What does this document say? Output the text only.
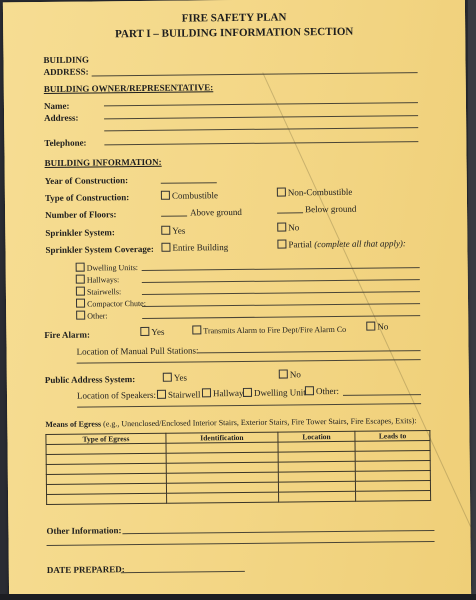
FIRE SAFETY PLAN
PART I – BUILDING INFORMATION SECTION
BUILDING
ADDRESS:
BUILDING OWNER/REPRESENTATIVE:
Name:
Address:
Telephone:
BUILDING INFORMATION:
Year of Construction:
Type of Construction:	Combustible	Non-Combustible
Number of Floors:	Above ground	Below ground
Sprinkler System:	Yes	No
Sprinkler System Coverage:	Entire Building	Partial (complete all that apply):
Dwelling Units:
Hallways:
Stairwells:
Compactor Chute:
Other:
Fire Alarm:	Yes	Transmits Alarm to Fire Dept/Fire Alarm Co	No
Location of Manual Pull Stations:
Public Address System:	Yes	No
Location of Speakers:	Stairwell	Hallway	Dwelling Unit	Other:
Means of Egress (e.g., Unenclosed/Enclosed Interior Stairs, Exterior Stairs, Fire Tower Stairs, Fire Escapes, Exits):
Type of Egress	Identification	Location	Leads to

Other Information:
DATE PREPARED:
